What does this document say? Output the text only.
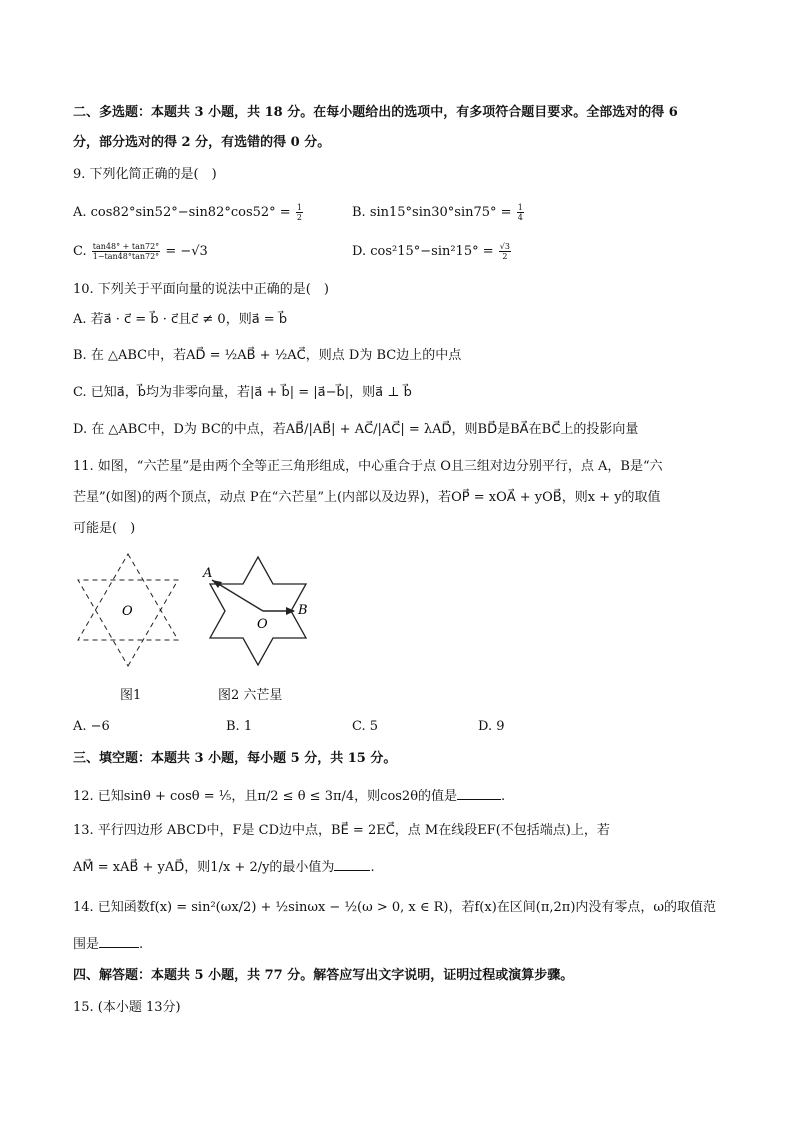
二、多选题：本题共 3 小题，共 18 分。在每小题给出的选项中，有多项符合题目要求。全部选对的得 6
分，部分选对的得 2 分，有选错的得 0 分。
9. 下列化简正确的是(　)
A. $\cos 82^\circ\sin 52^\circ-\sin 82^\circ\cos 52^\circ = \frac{1}{2}$	B. $\sin 15^\circ\sin 30^\circ\sin 75^\circ = \frac{1}{4}$
C. $\frac{\tan 48^\circ + \tan 72^\circ}{1-\tan 48^\circ\tan 72^\circ} = -√3$	D. $\cos^215^\circ-\sin^215^\circ = \frac{√3}{2}$
10. 下列关于平面向量的说法中正确的是(　)
A. 若a⃗ · c⃗ = b⃗ · c⃗且c⃗ ≠ 0，则a⃗ = b⃗
B. 在 △ABC中，若AD⃗ = ½AB⃗ + ½AC⃗，则点 D为 BC边上的中点
C. 已知a⃗，b⃗均为非零向量，若|a⃗ + b⃗| = |a⃗−b⃗|，则a⃗ ⊥ b⃗
D. 在 △ABC中，D为 BC的中点，若AB⃗/|AB⃗| + AC⃗/|AC⃗| = λAD⃗，则BD⃗是BA⃗在BC⃗上的投影向量
11. 如图，“六芒星”是由两个全等正三角形组成，中心重合于点 O且三组对边分别平行，点 A，B是“六
芒星”(如图)的两个顶点，动点 P在“六芒星”上(内部以及边界)，若OP⃗ = xOA⃗ + yOB⃗，则x + y的取值
可能是(　)
O
图1
A
B
O
图2 六芒星
A. −6	B. 1	C. 5	D. 9
三、填空题：本题共 3 小题，每小题 5 分，共 15 分。
12. 已知sinθ + cosθ = ⅕，且π/2 ≤ θ ≤ 3π/4，则cos2θ的值是	.
13. 平行四边形 ABCD中，F是 CD边中点，BE⃗ = 2EC⃗，点 M在线段EF(不包括端点)上，若
AM⃗ = xAB⃗ + yAD⃗，则1/x + 2/y的最小值为	.
14. 已知函数f(x) = sin²(ωx/2) + ½sinωx − ½(ω > 0, x ∈ R)，若f(x)在区间(π,2π)内没有零点，ω的取值范
围是	.
四、解答题：本题共 5 小题，共 77 分。解答应写出文字说明，证明过程或演算步骤。
15. (本小题 13分)
